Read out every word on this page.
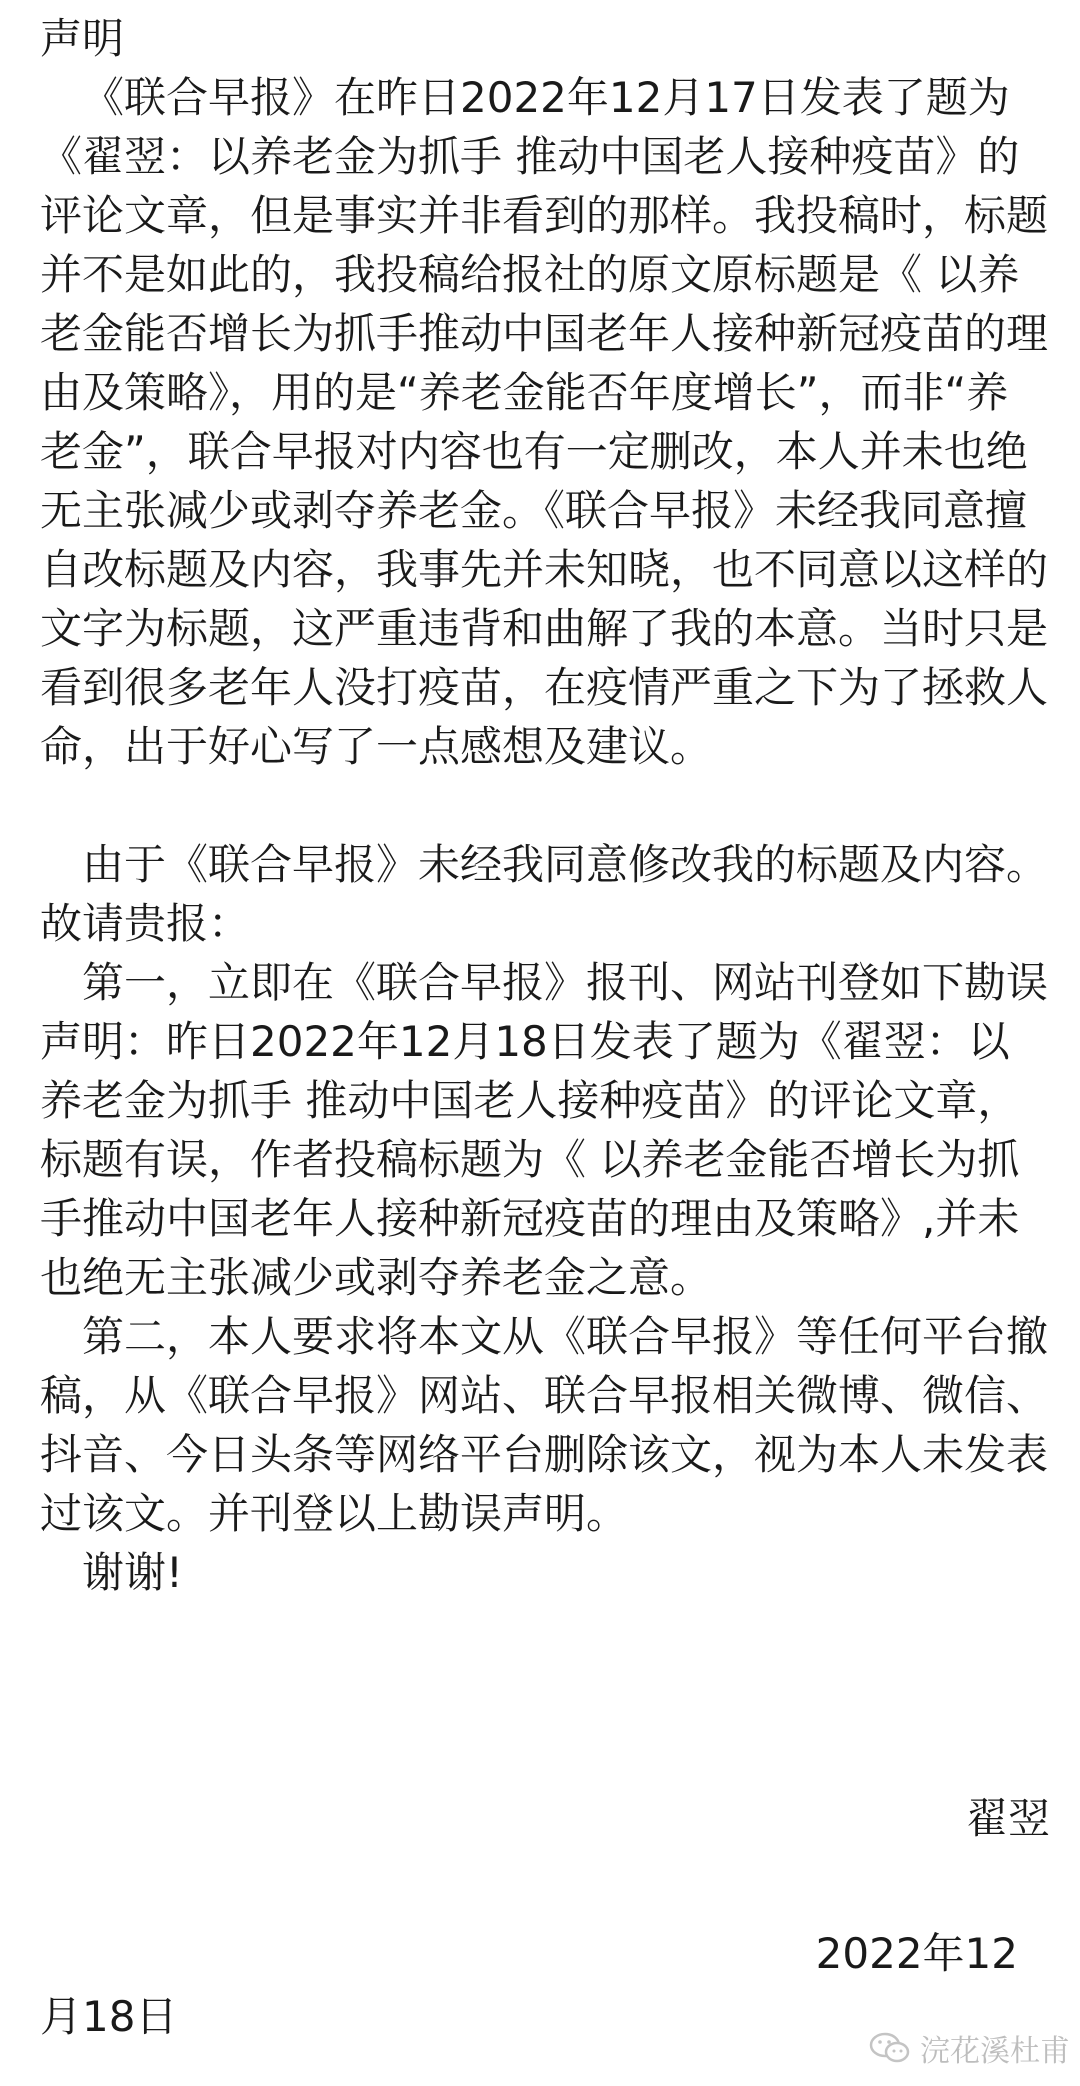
声明

《联合早报》在昨日2022年12月17日发表了题为《翟翌：以养老金为抓手 推动中国老人接种疫苗》的评论文章，但是事实并非看到的那样。我投稿时，标题并不是如此的，我投稿给报社的原文原标题是《 以养老金能否增长为抓手推动中国老年人接种新冠疫苗的理由及策略》，用的是“养老金能否年度增长”，而非“养老金”，联合早报对内容也有一定删改，本人并未也绝无主张减少或剥夺养老金。《联合早报》未经我同意擅自改标题及内容，我事先并未知晓，也不同意以这样的文字为标题，这严重违背和曲解了我的本意。当时只是看到很多老年人没打疫苗，在疫情严重之下为了拯救人命，出于好心写了一点感想及建议。

由于《联合早报》未经我同意修改我的标题及内容。故请贵报：

第一，立即在《联合早报》报刊、网站刊登如下勘误声明：昨日2022年12月18日发表了题为《翟翌：以养老金为抓手 推动中国老人接种疫苗》的评论文章，标题有误，作者投稿标题为《 以养老金能否增长为抓手推动中国老年人接种新冠疫苗的理由及策略》,并未也绝无主张减少或剥夺养老金之意。

第二，本人要求将本文从《联合早报》等任何平台撤稿，从《联合早报》网站、联合早报相关微博、微信、抖音、今日头条等网络平台删除该文，视为本人未发表过该文。并刊登以上勘误声明。

谢谢!

翟翌
2022年12
月18日
浣花溪杜甫
